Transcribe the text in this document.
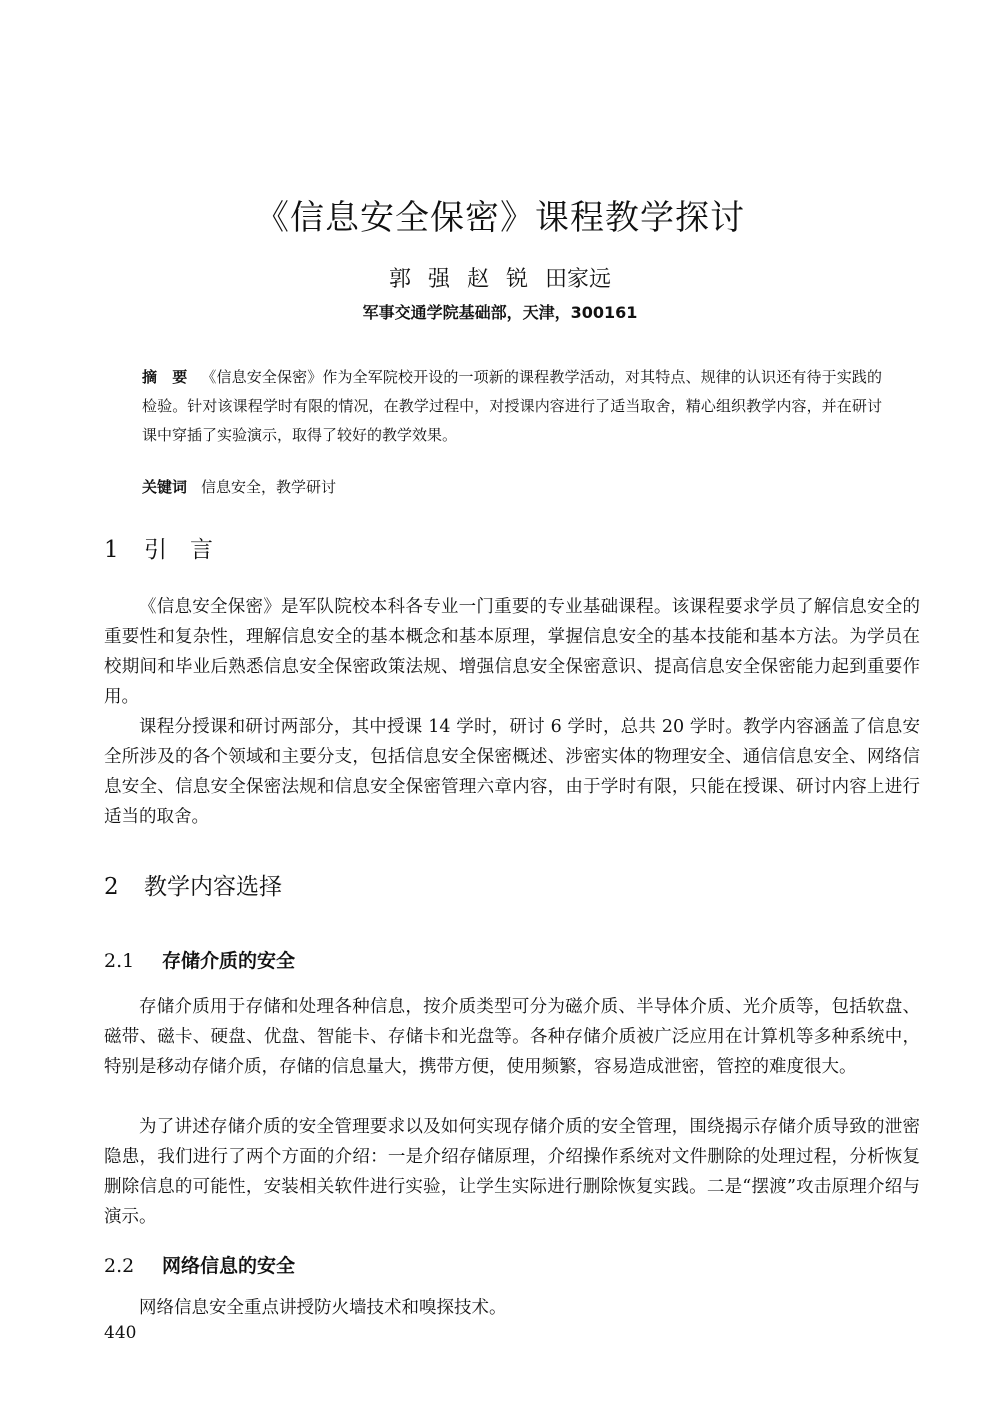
《信息安全保密》课程教学探讨
郭 强 赵 锐 田家远
军事交通学院基础部，天津，300161
摘　要 《信息安全保密》作为全军院校开设的一项新的课程教学活动，对其特点、规律的认识还有待于实践的检验。针对该课程学时有限的情况，在教学过程中，对授课内容进行了适当取舍，精心组织教学内容，并在研讨课中穿插了实验演示，取得了较好的教学效果。
关键词 信息安全，教学研讨
1 引　言

《信息安全保密》是军队院校本科各专业一门重要的专业基础课程。该课程要求学员了解信息安全的重要性和复杂性，理解信息安全的基本概念和基本原理，掌握信息安全的基本技能和基本方法。为学员在校期间和毕业后熟悉信息安全保密政策法规、增强信息安全保密意识、提高信息安全保密能力起到重要作用。

课程分授课和研讨两部分，其中授课 14 学时，研讨 6 学时，总共 20 学时。教学内容涵盖了信息安全所涉及的各个领域和主要分支，包括信息安全保密概述、涉密实体的物理安全、通信信息安全、网络信息安全、信息安全保密法规和信息安全保密管理六章内容，由于学时有限，只能在授课、研讨内容上进行适当的取舍。

2 教学内容选择
2.1 存储介质的安全

存储介质用于存储和处理各种信息，按介质类型可分为磁介质、半导体介质、光介质等，包括软盘、磁带、磁卡、硬盘、优盘、智能卡、存储卡和光盘等。各种存储介质被广泛应用在计算机等多种系统中，特别是移动存储介质，存储的信息量大，携带方便，使用频繁，容易造成泄密，管控的难度很大。

为了讲述存储介质的安全管理要求以及如何实现存储介质的安全管理，围绕揭示存储介质导致的泄密隐患，我们进行了两个方面的介绍：一是介绍存储原理，介绍操作系统对文件删除的处理过程，分析恢复删除信息的可能性，安装相关软件进行实验，让学生实际进行删除恢复实践。二是“摆渡”攻击原理介绍与演示。

2.2 网络信息的安全

网络信息安全重点讲授防火墙技术和嗅探技术。

440
